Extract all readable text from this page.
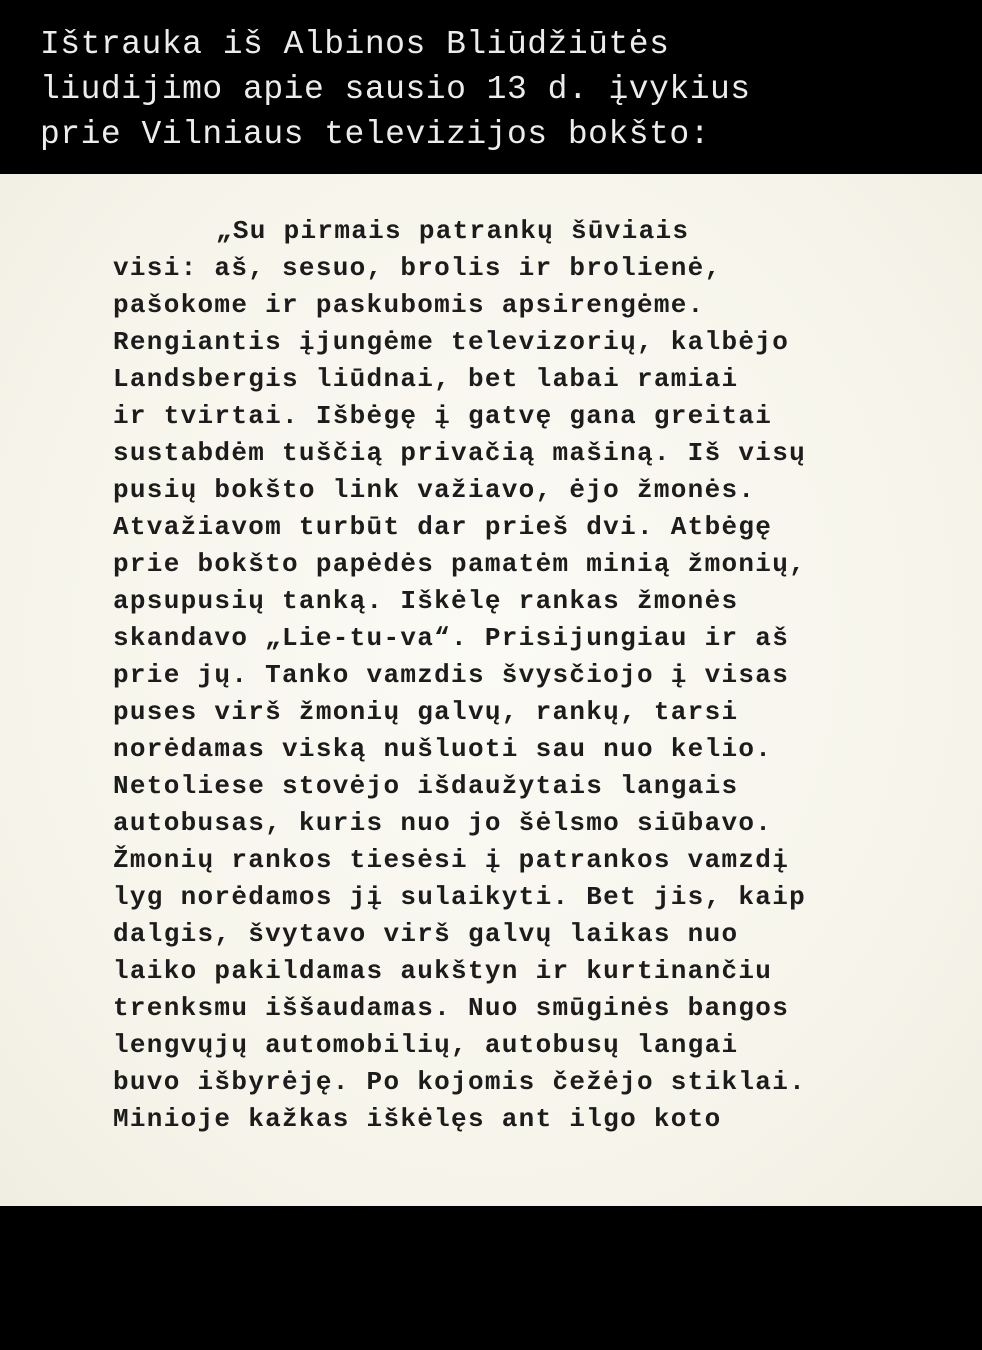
Ištrauka iš Albinos Bliūdžiūtės
liudijimo apie sausio 13 d. įvykius
prie Vilniaus televizijos bokšto:
„Su pirmais patrankų šūviais
visi: aš, sesuo, brolis ir brolienė,
pašokome ir paskubomis apsirengėme.
Rengiantis įjungėme televizorių, kalbėjo
Landsbergis liūdnai, bet labai ramiai
ir tvirtai. Išbėgę į gatvę gana greitai
sustabdėm tuščią privačią mašiną. Iš visų
pusių bokšto link važiavo, ėjo žmonės.
Atvažiavom turbūt dar prieš dvi. Atbėgę
prie bokšto papėdės pamatėm minią žmonių,
apsupusių tanką. Iškėlę rankas žmonės
skandavo „Lie-tu-va“. Prisijungiau ir aš
prie jų. Tanko vamzdis švysčiojo į visas
puses virš žmonių galvų, rankų, tarsi
norėdamas viską nušluoti sau nuo kelio.
Netoliese stovėjo išdaužytais langais
autobusas, kuris nuo jo šėlsmo siūbavo.
Žmonių rankos tiesėsi į patrankos vamzdį
lyg norėdamos jį sulaikyti. Bet jis, kaip
dalgis, švytavo virš galvų laikas nuo
laiko pakildamas aukštyn ir kurtinančiu
trenksmu iššaudamas. Nuo smūginės bangos
lengvųjų automobilių, autobusų langai
buvo išbyrėję. Po kojomis čežėjo stiklai.
Minioje kažkas iškėlęs ant ilgo koto
